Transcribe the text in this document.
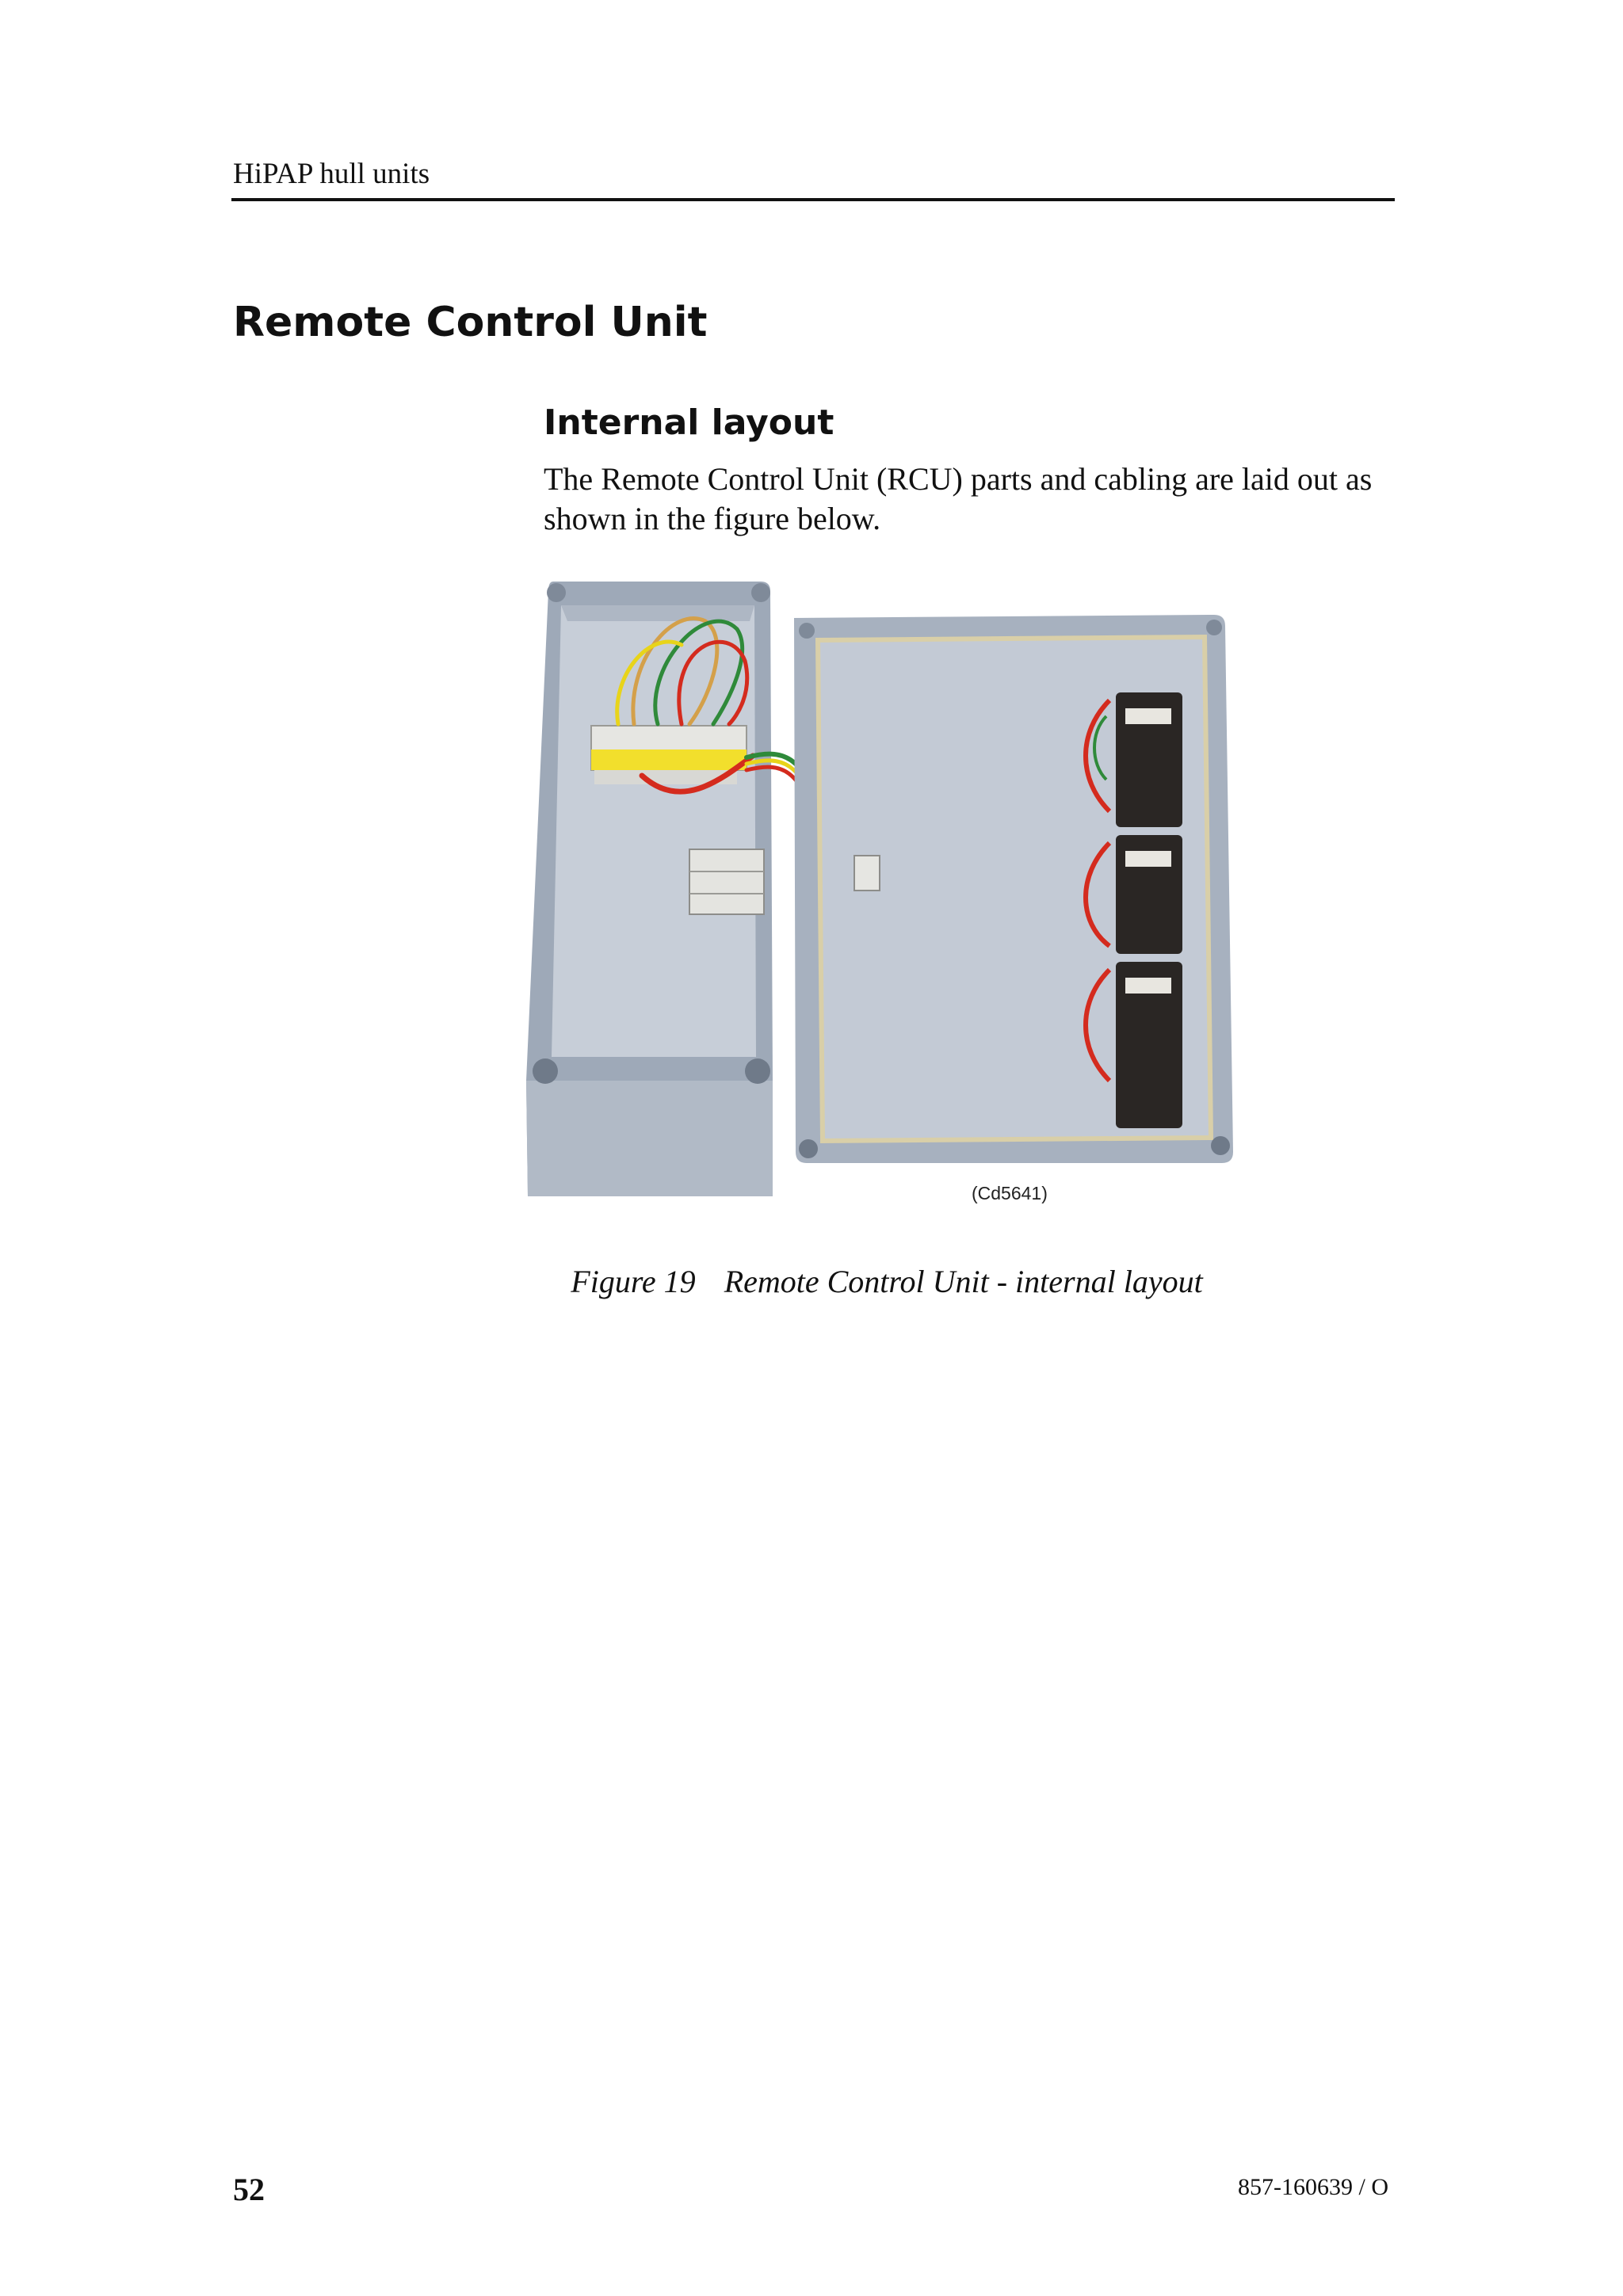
HiPAP hull units
Remote Control Unit
Internal layout

The Remote Control Unit (RCU) parts and cabling are laid out as shown in the figure below.

(Cd5641)
Figure 19 Remote Control Unit - internal layout
52	857-160639 / O
